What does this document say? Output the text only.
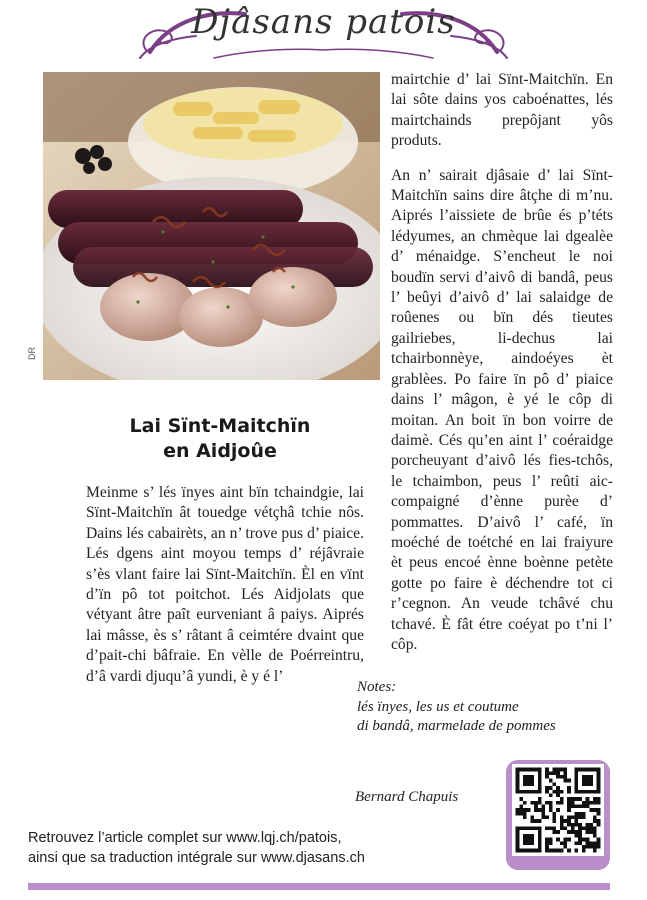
Djâsans patois
DR
Lai Sïnt-Maitchïn
en Aidjoûe

Meinme s’ lés ïnyes aint bïn tchaindgie, lai Sïnt-Maitchïn ât touedge vétçhâ tchie nôs. Dains lés cabairèts, an n’ trove pus d’ piaice. Lés dgens aint moyou temps d’ réjâvraie s’ès vlant faire lai Sïnt-Maitchïn. Èl en vïnt d’ïn pô tot poitchot. Lés Aidjolats que vétyant âtre paît eurveniant â paiys. Aiprés lai mâsse, ès s’ râtant â ceimtére dvaint que d’pait-chi bâfraie. En vèlle de Poérreintru, d’â vardi djuqu’â yundi, è y é l’

mairtchie d’ lai Sïnt-Maitchïn. En lai sôte dains yos caboénattes, lés mairtchainds prepôjant yôs produts.

An n’ sairait djâsaie d’ lai Sïnt-Maitchïn sains dire âtçhe di m’nu. Aiprés l’aissiete de brûe és p’téts lédyumes, an chmèque lai dgealèe d’ ménaidge. S’encheut le noi boudïn servi d’aivô di bandâ, peus l’ beûyi d’aivô d’ lai salaidge de roûenes ou bïn dés tieutes gailriebes, li-dechus lai tchairbonnèye, aindoéyes èt grablèes. Po faire ïn pô d’ piaice dains l’ mâgon, è yé le côp di moitan. An boit ïn bon voirre de daimè. Cés qu’en aint l’ coéraidge porcheuyant d’aivô lés fies-tchôs, le tchaimbon, peus l’ reûti aic-compaigné d’ènne purèe d’ pommattes. D’aivô l’ café, ïn moéché de toétché en lai fraiyure èt peus encoé ènne boènne petète gotte po faire è déchendre tot ci r’cegnon. An veude tchâvé chu tchavé. È fât étre coéyat po t’ni l’ côp.

Notes:
lés ïnyes, les us et coutume
di bandâ, marmelade de pommes
Bernard Chapuis
Retrouvez l’article complet sur www.lqj.ch/patois,
ainsi que sa traduction intégrale sur www.djasans.ch
